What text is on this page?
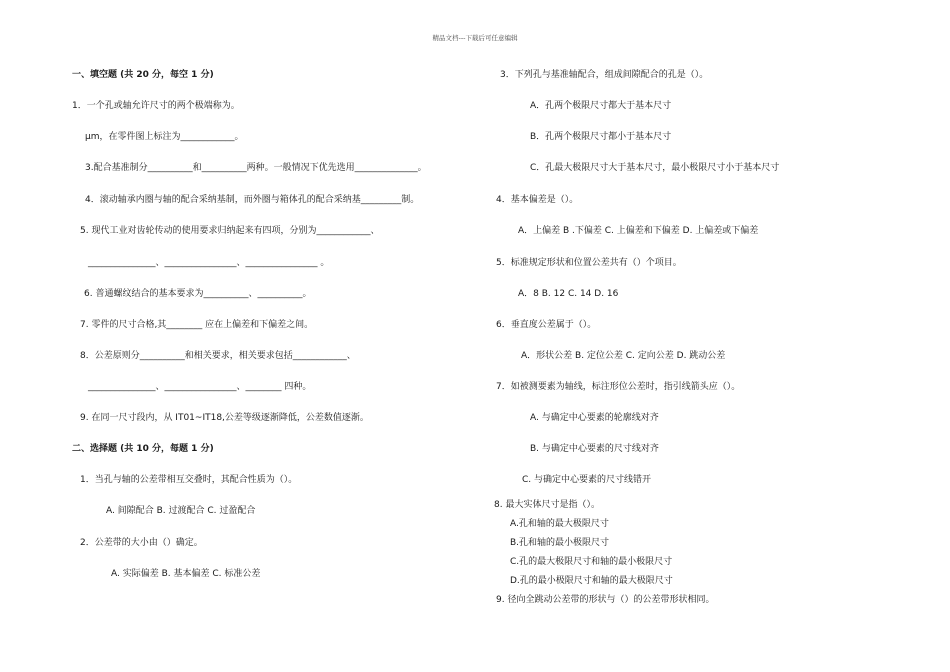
精品文档---下载后可任意编辑
一、填空题 (共 20 分，每空 1 分)
1．一个孔或轴允许尺寸的两个极端称为。
μm，在零件图上标注为____________。
3.配合基准制分__________和__________两种。一般情况下优先选用______________。
4．滚动轴承内圈与轴的配合采纳基制，而外圈与箱体孔的配合采纳基_________制。
5. 现代工业对齿轮传动的使用要求归纳起来有四项，分别为____________、
_______________、________________、________________ 。
6. 普通螺纹结合的基本要求为__________、__________。
7. 零件的尺寸合格,其________ 应在上偏差和下偏差之间。
8．公差原则分__________和相关要求，相关要求包括____________、
_______________、________________、________ 四种。
9. 在同一尺寸段内，从 IT01~IT18,公差等级逐渐降低，公差数值逐渐。
二、选择题 (共 10 分，每题 1 分)
1．当孔与轴的公差带相互交叠时，其配合性质为（）。
A. 间隙配合 B. 过渡配合 C. 过盈配合
2．公差带的大小由（）确定。
A. 实际偏差 B. 基本偏差 C. 标准公差
3．下列孔与基准轴配合，组成间隙配合的孔是（）。
A．孔两个极限尺寸都大于基本尺寸
B．孔两个极限尺寸都小于基本尺寸
C．孔最大极限尺寸大于基本尺寸，最小极限尺寸小于基本尺寸
4．基本偏差是（）。
A．上偏差 B .下偏差 C. 上偏差和下偏差 D. 上偏差或下偏差
5．标准规定形状和位置公差共有（）个项目。
A．8 B. 12 C. 14 D. 16
6．垂直度公差属于（）。
A．形状公差 B. 定位公差 C. 定向公差 D. 跳动公差
7．如被测要素为轴线，标注形位公差时，指引线箭头应（）。
A. 与确定中心要素的轮廓线对齐
B. 与确定中心要素的尺寸线对齐
C. 与确定中心要素的尺寸线错开
8. 最大实体尺寸是指（）。
A.孔和轴的最大极限尺寸
B.孔和轴的最小极限尺寸
C.孔的最大极限尺寸和轴的最小极限尺寸
D.孔的最小极限尺寸和轴的最大极限尺寸
9. 径向全跳动公差带的形状与（）的公差带形状相同。
